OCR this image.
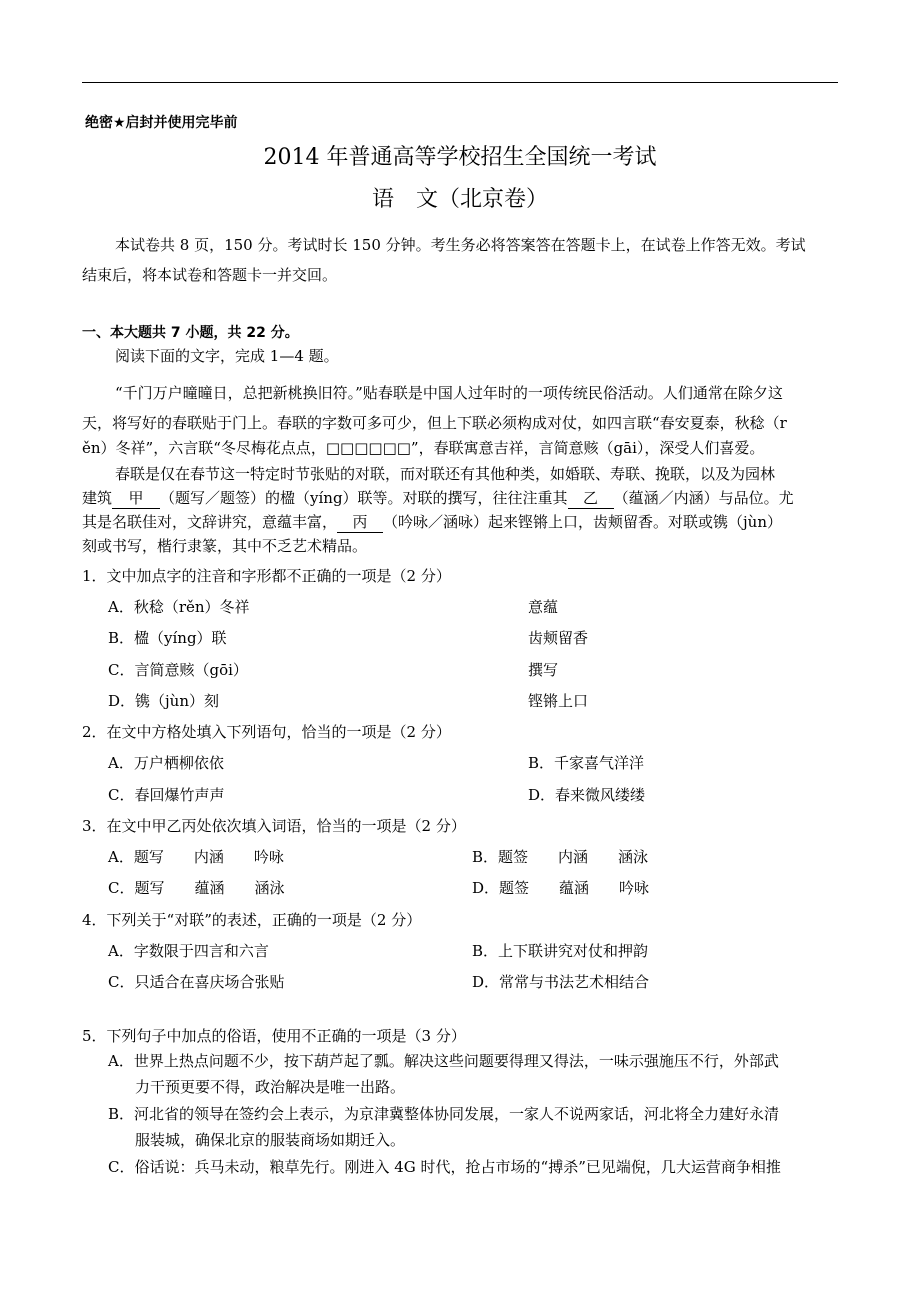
绝密★启封并使用完毕前
2014 年普通高等学校招生全国统一考试
语　文（北京卷）
本试卷共 8 页，150 分。考试时长 150 分钟。考生务必将答案答在答题卡上，在试卷上作答无效。考试
结束后，将本试卷和答题卡一并交回。
一、本大题共 7 小题，共 22 分。
阅读下面的文字，完成 1—4 题。
“千门万户曈曈日，总把新桃换旧符。”贴春联是中国人过年时的一项传统民俗活动。人们通常在除夕这
天，将写好的春联贴于门上。春联的字数可多可少，但上下联必须构成对仗，如四言联“春安夏泰，秋稔（r
ěn）冬祥”，六言联“冬尽梅花点点，□□□□□□”，春联寓意吉祥，言简意赅（gāi），深受人们喜爱。
春联是仅在春节这一特定时节张贴的对联，而对联还有其他种类，如婚联、寿联、挽联，以及为园林
建筑 甲 （题写／题签）的楹（yíng）联等。对联的撰写，往往注重其 乙 （蕴涵／内涵）与品位。尤
其是名联佳对，文辞讲究，意蕴丰富， 丙 （吟咏／涵咏）起来铿锵上口，齿颊留香。对联或镌（jùn）
刻或书写，楷行隶篆，其中不乏艺术精品。
1．文中加点字的注音和字形都不正确的一项是（2 分）
A．秋稔（rěn）冬祥	意蕴
B．楹（yíng）联	齿颊留香
C．言简意赅（gōi）	撰写
D．镌（jùn）刻	铿锵上口
2．在文中方格处填入下列语句，恰当的一项是（2 分）
A．万户栖柳依依	B．千家喜气洋洋
C．春回爆竹声声	D．春来微风缕缕
3．在文中甲乙丙处依次填入词语，恰当的一项是（2 分）
A．题写　　内涵　　吟咏	B．题签　　内涵　　涵泳
C．题写　　蕴涵　　涵泳	D．题签　　蕴涵　　吟咏
4．下列关于“对联”的表述，正确的一项是（2 分）
A．字数限于四言和六言	B．上下联讲究对仗和押韵
C．只适合在喜庆场合张贴	D．常常与书法艺术相结合
5．下列句子中加点的俗语，使用不正确的一项是（3 分）
A．世界上热点问题不少，按下葫芦起了瓢。解决这些问题要得理又得法，一味示强施压不行，外部武
力干预更要不得，政治解决是唯一出路。
B．河北省的领导在签约会上表示，为京津冀整体协同发展，一家人不说两家话，河北将全力建好永清
服装城，确保北京的服装商场如期迁入。
C．俗话说：兵马未动，粮草先行。刚进入 4G 时代，抢占市场的“搏杀”已见端倪，几大运营商争相推
